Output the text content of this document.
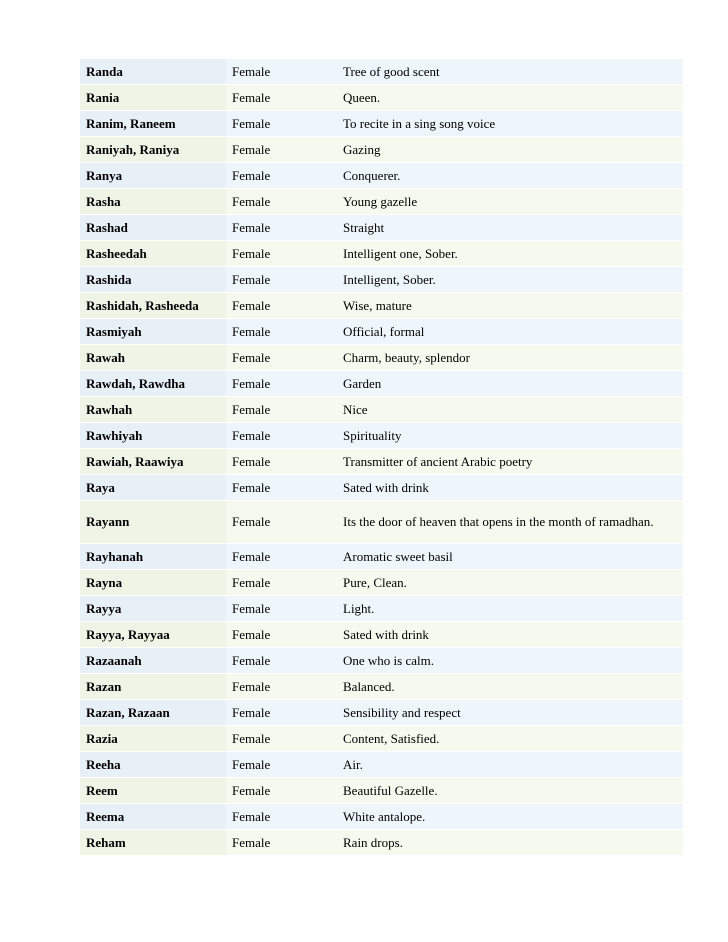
Randa	Female	Tree of good scent
Rania	Female	Queen.
Ranim, Raneem	Female	To recite in a sing song voice
Raniyah, Raniya	Female	Gazing
Ranya	Female	Conquerer.
Rasha	Female	Young gazelle
Rashad	Female	Straight
Rasheedah	Female	Intelligent one, Sober.
Rashida	Female	Intelligent, Sober.
Rashidah, Rasheeda	Female	Wise, mature
Rasmiyah	Female	Official, formal
Rawah	Female	Charm, beauty, splendor
Rawdah, Rawdha	Female	Garden
Rawhah	Female	Nice
Rawhiyah	Female	Spirituality
Rawiah, Raawiya	Female	Transmitter of ancient Arabic poetry
Raya	Female	Sated with drink
Rayann	Female	Its the door of heaven that opens in the month of ramadhan.
Rayhanah	Female	Aromatic sweet basil
Rayna	Female	Pure, Clean.
Rayya	Female	Light.
Rayya, Rayyaa	Female	Sated with drink
Razaanah	Female	One who is calm.
Razan	Female	Balanced.
Razan, Razaan	Female	Sensibility and respect
Razia	Female	Content, Satisfied.
Reeha	Female	Air.
Reem	Female	Beautiful Gazelle.
Reema	Female	White antalope.
Reham	Female	Rain drops.
